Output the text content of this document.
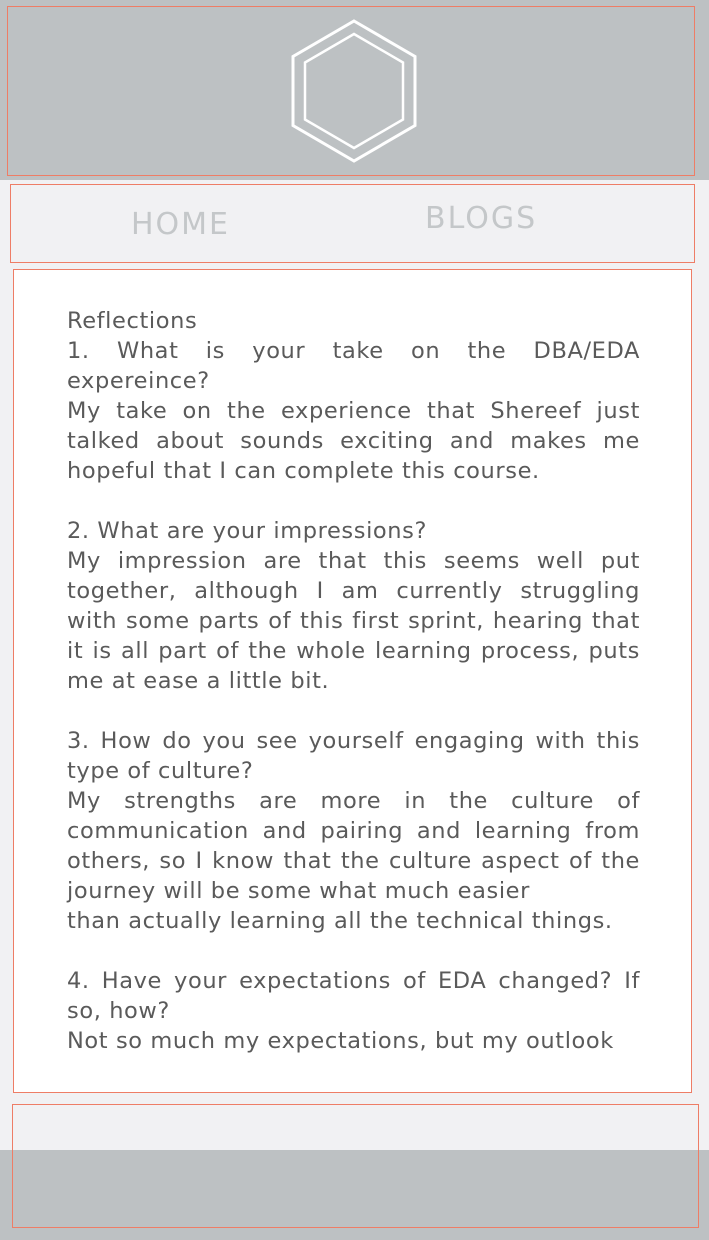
HOME	BLOGS

Reflections

1. What is your take on the DBA/EDA expereince?

My take on the experience that Shereef just talked about sounds exciting and makes me hopeful that I can complete this course.

2. What are your impressions?

My impression are that this seems well put together, although I am currently struggling with some parts of this first sprint, hearing that it is all part of the whole learning process, puts me at ease a little bit.

3. How do you see yourself engaging with this type of culture?

My strengths are more in the culture of communication and pairing and learning from others, so I know that the culture aspect of the journey will be some what much easier

than actually learning all the technical things.

4. Have your expectations of EDA changed? If so, how?

Not so much my expectations, but my outlook
